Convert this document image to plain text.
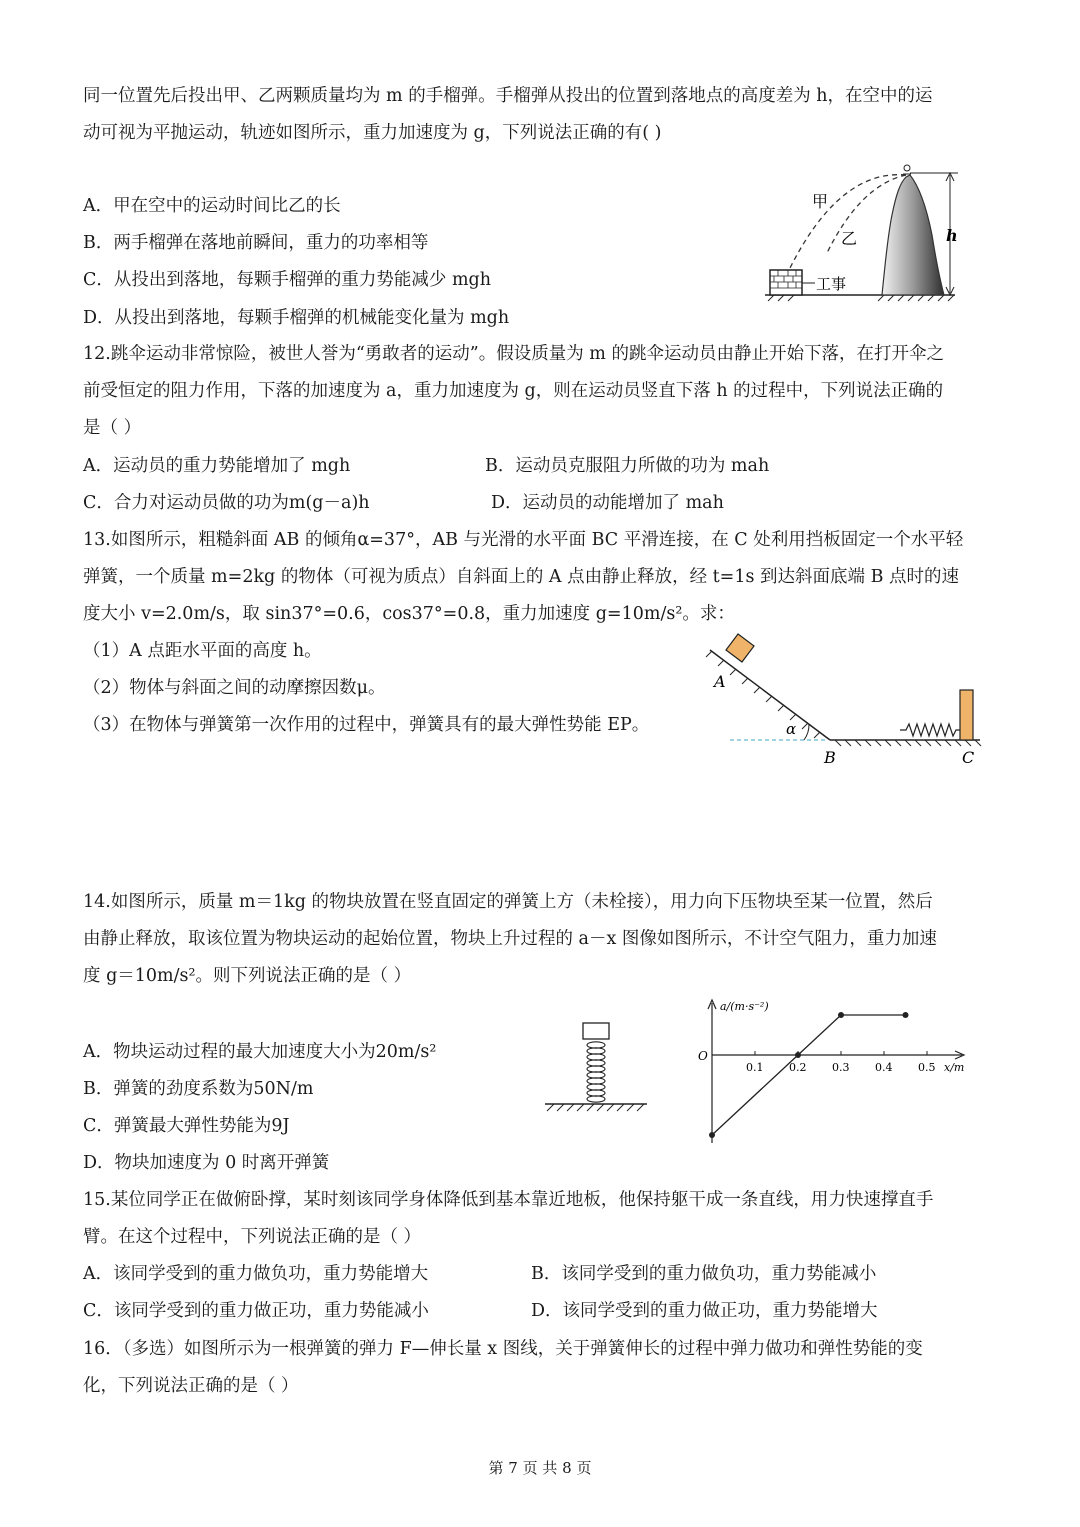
同一位置先后投出甲、乙两颗质量均为 m 的手榴弹。手榴弹从投出的位置到落地点的高度差为 h，在空中的运
动可视为平抛运动，轨迹如图所示，重力加速度为 g，下列说法正确的有( )
A．甲在空中的运动时间比乙的长
B．两手榴弹在落地前瞬间，重力的功率相等
C．从投出到落地，每颗手榴弹的重力势能减少 mgh
D．从投出到落地，每颗手榴弹的机械能变化量为 mgh
工事
甲
乙	h
12.跳伞运动非常惊险，被世人誉为“勇敢者的运动”。假设质量为 m 的跳伞运动员由静止开始下落，在打开伞之
前受恒定的阻力作用，下落的加速度为 a，重力加速度为 g，则在运动员竖直下落 h 的过程中，下列说法正确的
是（ ）
A．运动员的重力势能增加了 mgh	B．运动员克服阻力所做的功为 mah
C．合力对运动员做的功为m(g－a)h	D．运动员的动能增加了 mah
13.如图所示，粗糙斜面 AB 的倾角α=37°，AB 与光滑的水平面 BC 平滑连接，在 C 处利用挡板固定一个水平轻
弹簧，一个质量 m=2kg 的物体（可视为质点）自斜面上的 A 点由静止释放，经 t=1s 到达斜面底端 B 点时的速
度大小 v=2.0m/s，取 sin37°=0.6，cos37°=0.8，重力加速度 g=10m/s²。求：
（1）A 点距水平面的高度 h。
（2）物体与斜面之间的动摩擦因数μ。
（3）在物体与弹簧第一次作用的过程中，弹簧具有的最大弹性势能 EP。
A
α
B	C
14.如图所示，质量 m＝1kg 的物块放置在竖直固定的弹簧上方（未栓接），用力向下压物块至某一位置，然后
由静止释放，取该位置为物块运动的起始位置，物块上升过程的 a－x 图像如图所示，不计空气阻力，重力加速
度 g＝10m/s²。则下列说法正确的是（ ）
A．物块运动过程的最大加速度大小为20m/s²
B．弹簧的劲度系数为50N/m
C．弹簧最大弹性势能为9J
D．物块加速度为 0 时离开弹簧
a/(m·s⁻²)
x/m
O
0.1 0.2 0.3 0.4 0.5
15.某位同学正在做俯卧撑，某时刻该同学身体降低到基本靠近地板，他保持躯干成一条直线，用力快速撑直手
臂。在这个过程中，下列说法正确的是（ ）
A．该同学受到的重力做负功，重力势能增大	B．该同学受到的重力做负功，重力势能减小
C．该同学受到的重力做正功，重力势能减小	D．该同学受到的重力做正功，重力势能增大
16．（多选）如图所示为一根弹簧的弹力 F—伸长量 x 图线，关于弹簧伸长的过程中弹力做功和弹性势能的变
化，下列说法正确的是（ ）
第 7 页 共 8 页
